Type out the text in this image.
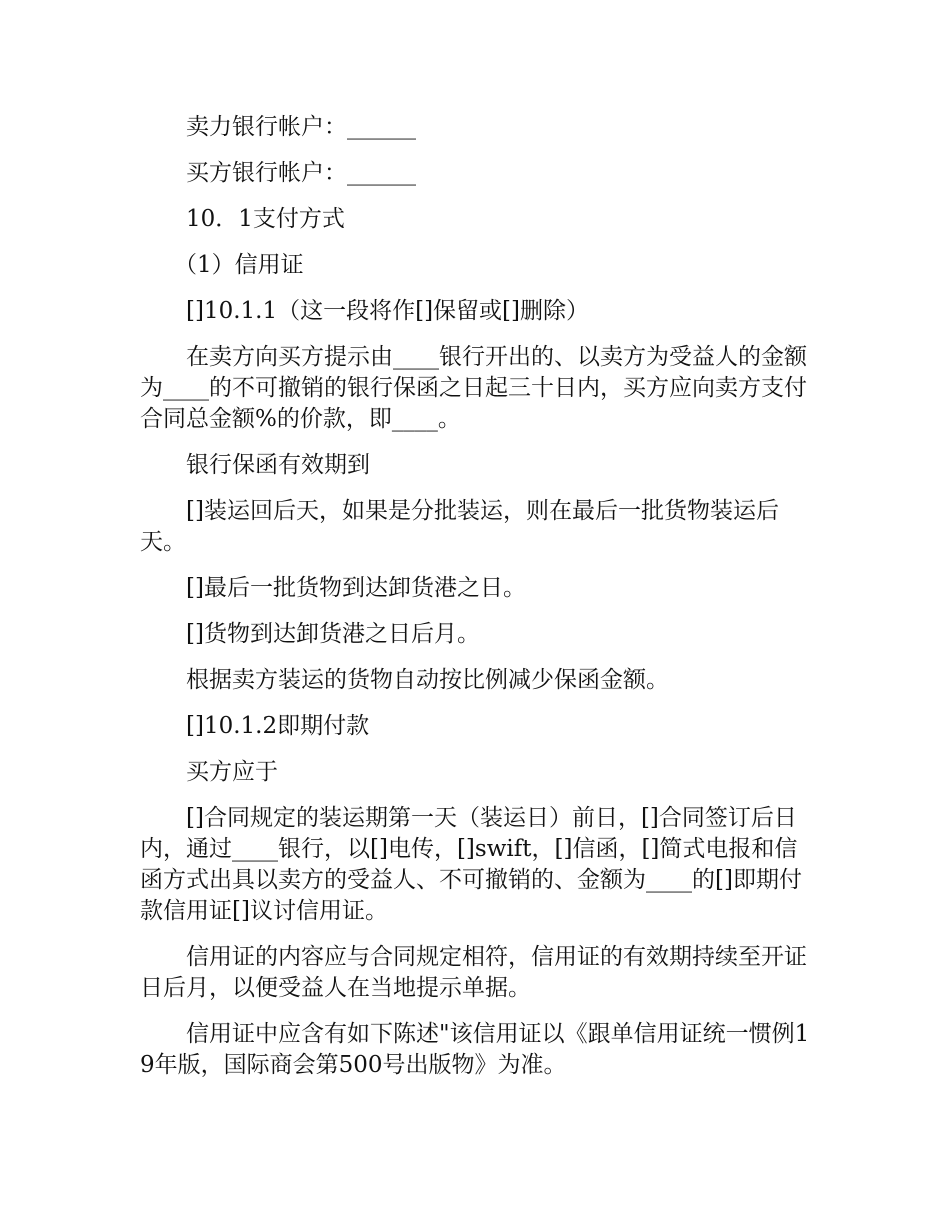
卖力银行帐户：______

买方银行帐户：______

10．1支付方式

（1）信用证

[]10.1.1（这一段将作[]保留或[]删除）

在卖方向买方提示由____银行开出的、以卖方为受益人的金额为____的不可撤销的银行保函之日起三十日内，买方应向卖方支付合同总金额%的价款，即____。

银行保函有效期到

[]装运回后天，如果是分批装运，则在最后一批货物装运后天。

[]最后一批货物到达卸货港之日。

[]货物到达卸货港之日后月。

根据卖方装运的货物自动按比例减少保函金额。

[]10.1.2即期付款

买方应于

[]合同规定的装运期第一天（装运日）前日，[]合同签订后日内，通过____银行，以[]电传，[]swift，[]信函，[]简式电报和信函方式出具以卖方的受益人、不可撤销的、金额为____的[]即期付款信用证[]议讨信用证。

信用证的内容应与合同规定相符，信用证的有效期持续至开证日后月，以便受益人在当地提示单据。

信用证中应含有如下陈述"该信用证以《跟单信用证统一惯例19年版，国际商会第500号出版物》为准。
